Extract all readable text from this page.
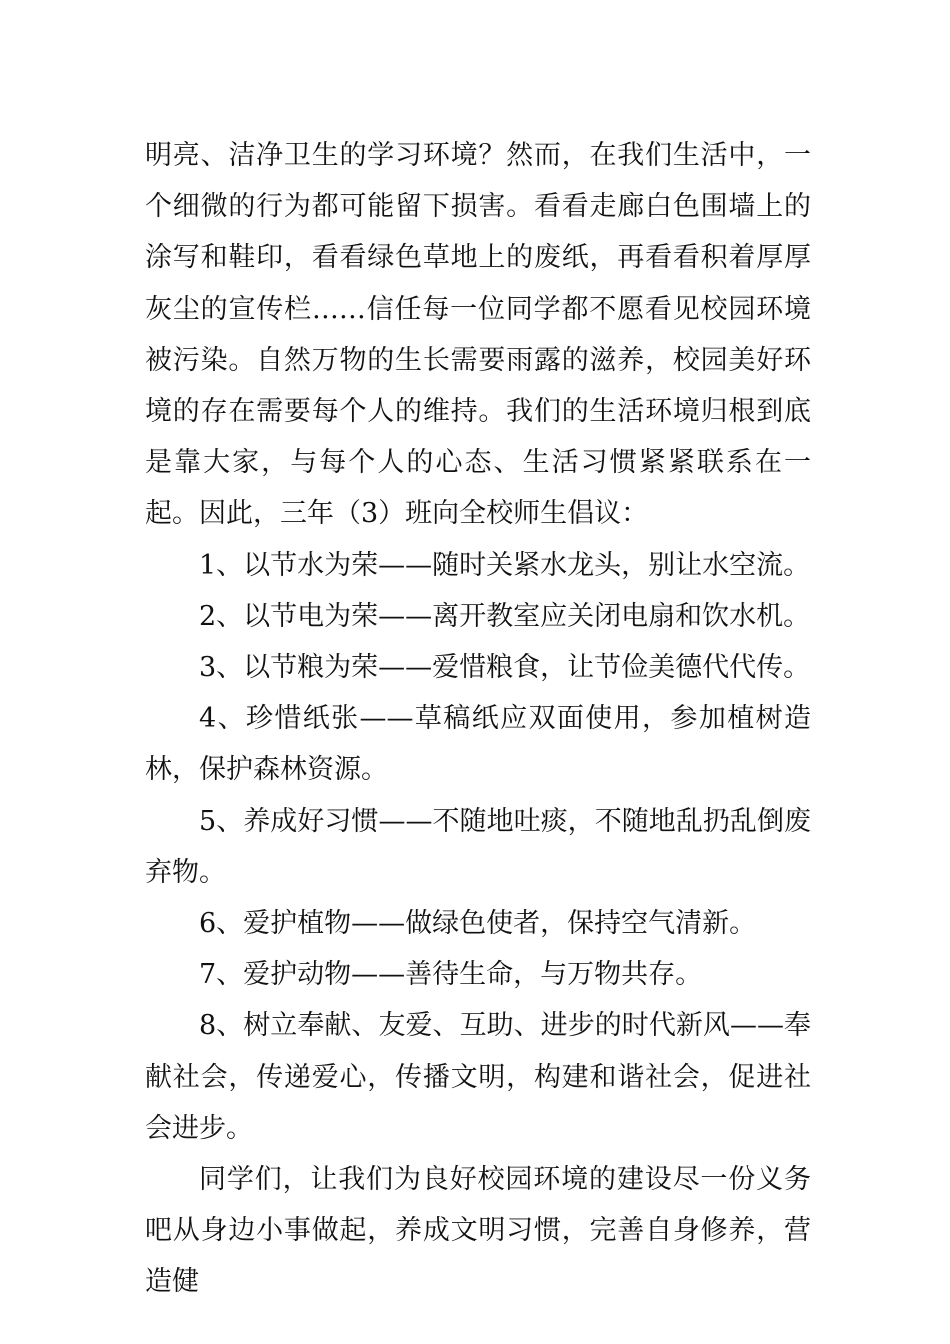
明亮、洁净卫生的学习环境？然而，在我们生活中，一个细微的行为都可能留下损害。看看走廊白色围墙上的涂写和鞋印，看看绿色草地上的废纸，再看看积着厚厚灰尘的宣传栏……信任每一位同学都不愿看见校园环境被污染。自然万物的生长需要雨露的滋养，校园美好环境的存在需要每个人的维持。我们的生活环境归根到底是靠大家，与每个人的心态、生活习惯紧紧联系在一起。因此，三年（3）班向全校师生倡议：

1、以节水为荣——随时关紧水龙头，别让水空流。

2、以节电为荣——离开教室应关闭电扇和饮水机。

3、以节粮为荣——爱惜粮食，让节俭美德代代传。

4、珍惜纸张——草稿纸应双面使用，参加植树造林，保护森林资源。

5、养成好习惯——不随地吐痰，不随地乱扔乱倒废弃物。

6、爱护植物——做绿色使者，保持空气清新。

7、爱护动物——善待生命，与万物共存。

8、树立奉献、友爱、互助、进步的时代新风——奉献社会，传递爱心，传播文明，构建和谐社会，促进社会进步。

同学们，让我们为良好校园环境的建设尽一份义务吧从身边小事做起，养成文明习惯，完善自身修养，营造健
